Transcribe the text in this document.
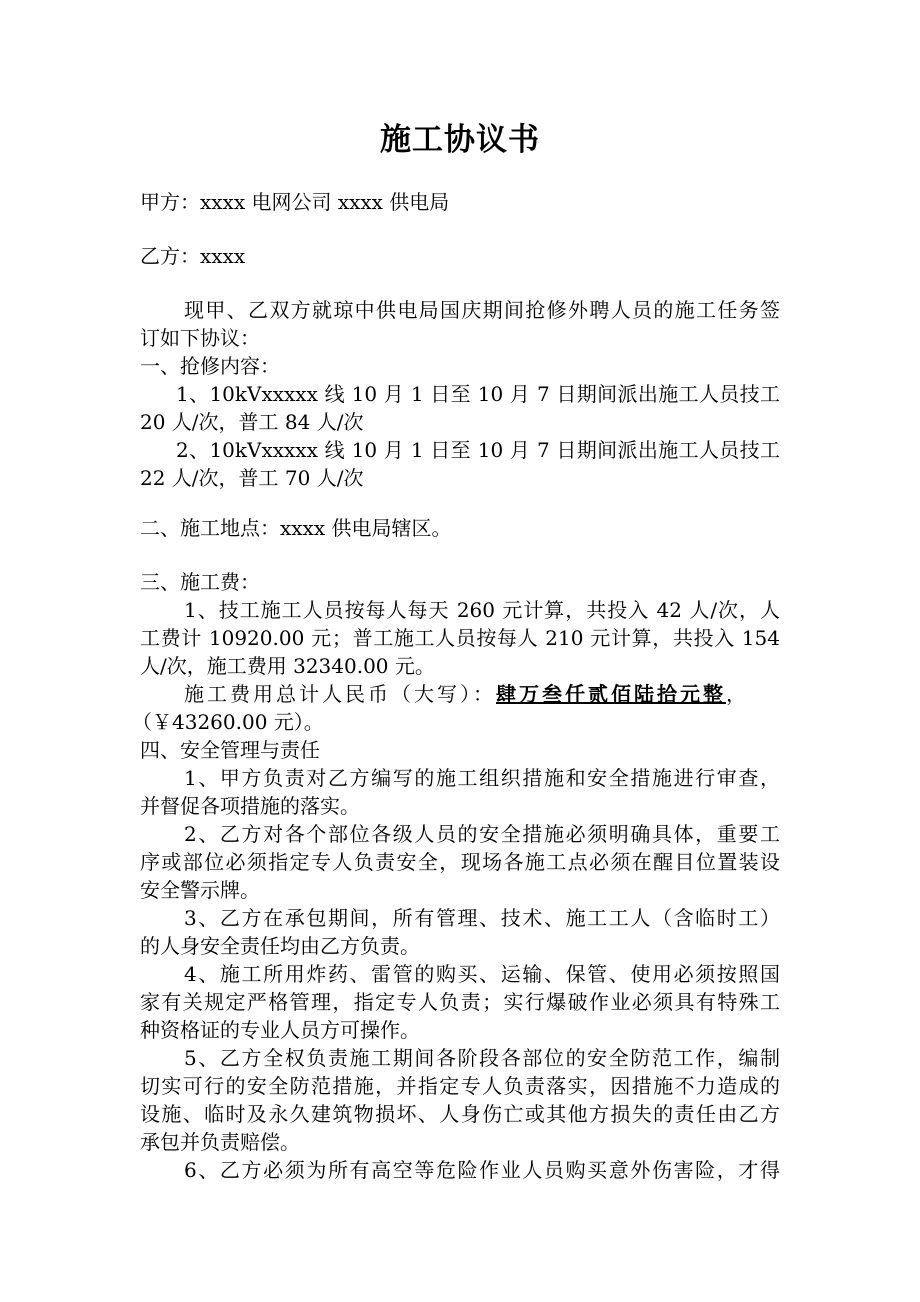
施工协议书
甲方：xxxx 电网公司 xxxx 供电局
乙方：xxxx
现甲、乙双方就琼中供电局国庆期间抢修外聘人员的施工任务签
订如下协议：
一、抢修内容：
1、10kVxxxxx 线 10 月 1 日至 10 月 7 日期间派出施工人员技工
20 人/次，普工 84 人/次
2、10kVxxxxx 线 10 月 1 日至 10 月 7 日期间派出施工人员技工
22 人/次，普工 70 人/次
二、施工地点：xxxx 供电局辖区。
三、施工费：
1、技工施工人员按每人每天 260 元计算，共投入 42 人/次，人
工费计 10920.00 元；普工施工人员按每人 210 元计算，共投入 154
人/次，施工费用 32340.00 元。
施工费用总计人民币（大写）：肆万叁仟贰佰陆拾元整，
（￥43260.00 元）。
四、安全管理与责任
1、甲方负责对乙方编写的施工组织措施和安全措施进行审查，
并督促各项措施的落实。
2、乙方对各个部位各级人员的安全措施必须明确具体，重要工
序或部位必须指定专人负责安全，现场各施工点必须在醒目位置装设
安全警示牌。
3、乙方在承包期间，所有管理、技术、施工工人（含临时工）
的人身安全责任均由乙方负责。
4、施工所用炸药、雷管的购买、运输、保管、使用必须按照国
家有关规定严格管理，指定专人负责；实行爆破作业必须具有特殊工
种资格证的专业人员方可操作。
5、乙方全权负责施工期间各阶段各部位的安全防范工作，编制
切实可行的安全防范措施，并指定专人负责落实，因措施不力造成的
设施、临时及永久建筑物损坏、人身伤亡或其他方损失的责任由乙方
承包并负责赔偿。
6、乙方必须为所有高空等危险作业人员购买意外伤害险，才得
